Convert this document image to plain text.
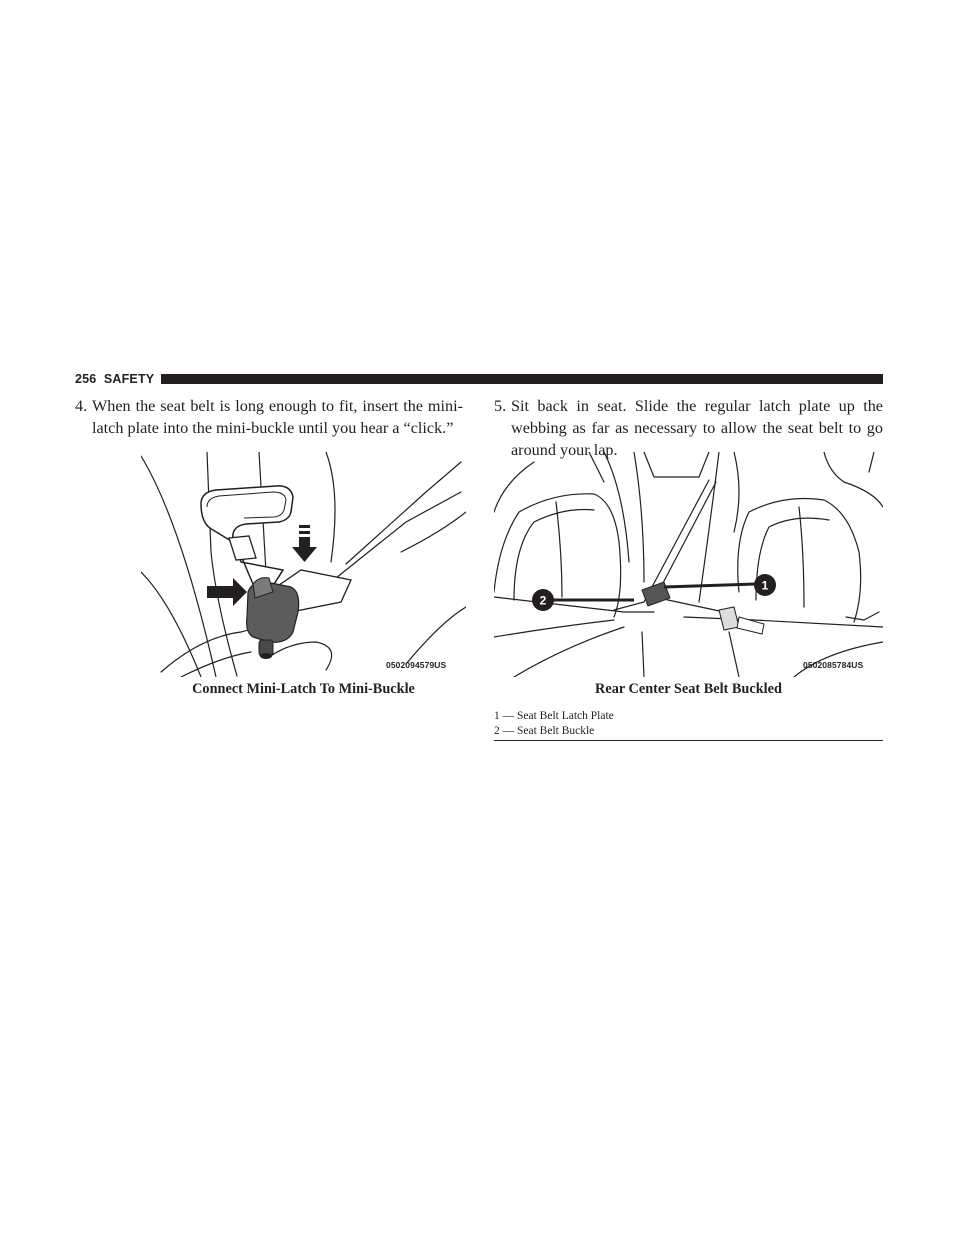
256 SAFETY
4. When the seat belt is long enough to fit, insert the mini-latch plate into the mini-buckle until you hear a “click.”
5. Sit back in seat. Slide the regular latch plate up the webbing as far as necessary to allow the seat belt to go around your lap.
0502094579US
Connect Mini-Latch To Mini-Buckle
1
2
0502085784US
Rear Center Seat Belt Buckled
1 — Seat Belt Latch Plate
2 — Seat Belt Buckle
